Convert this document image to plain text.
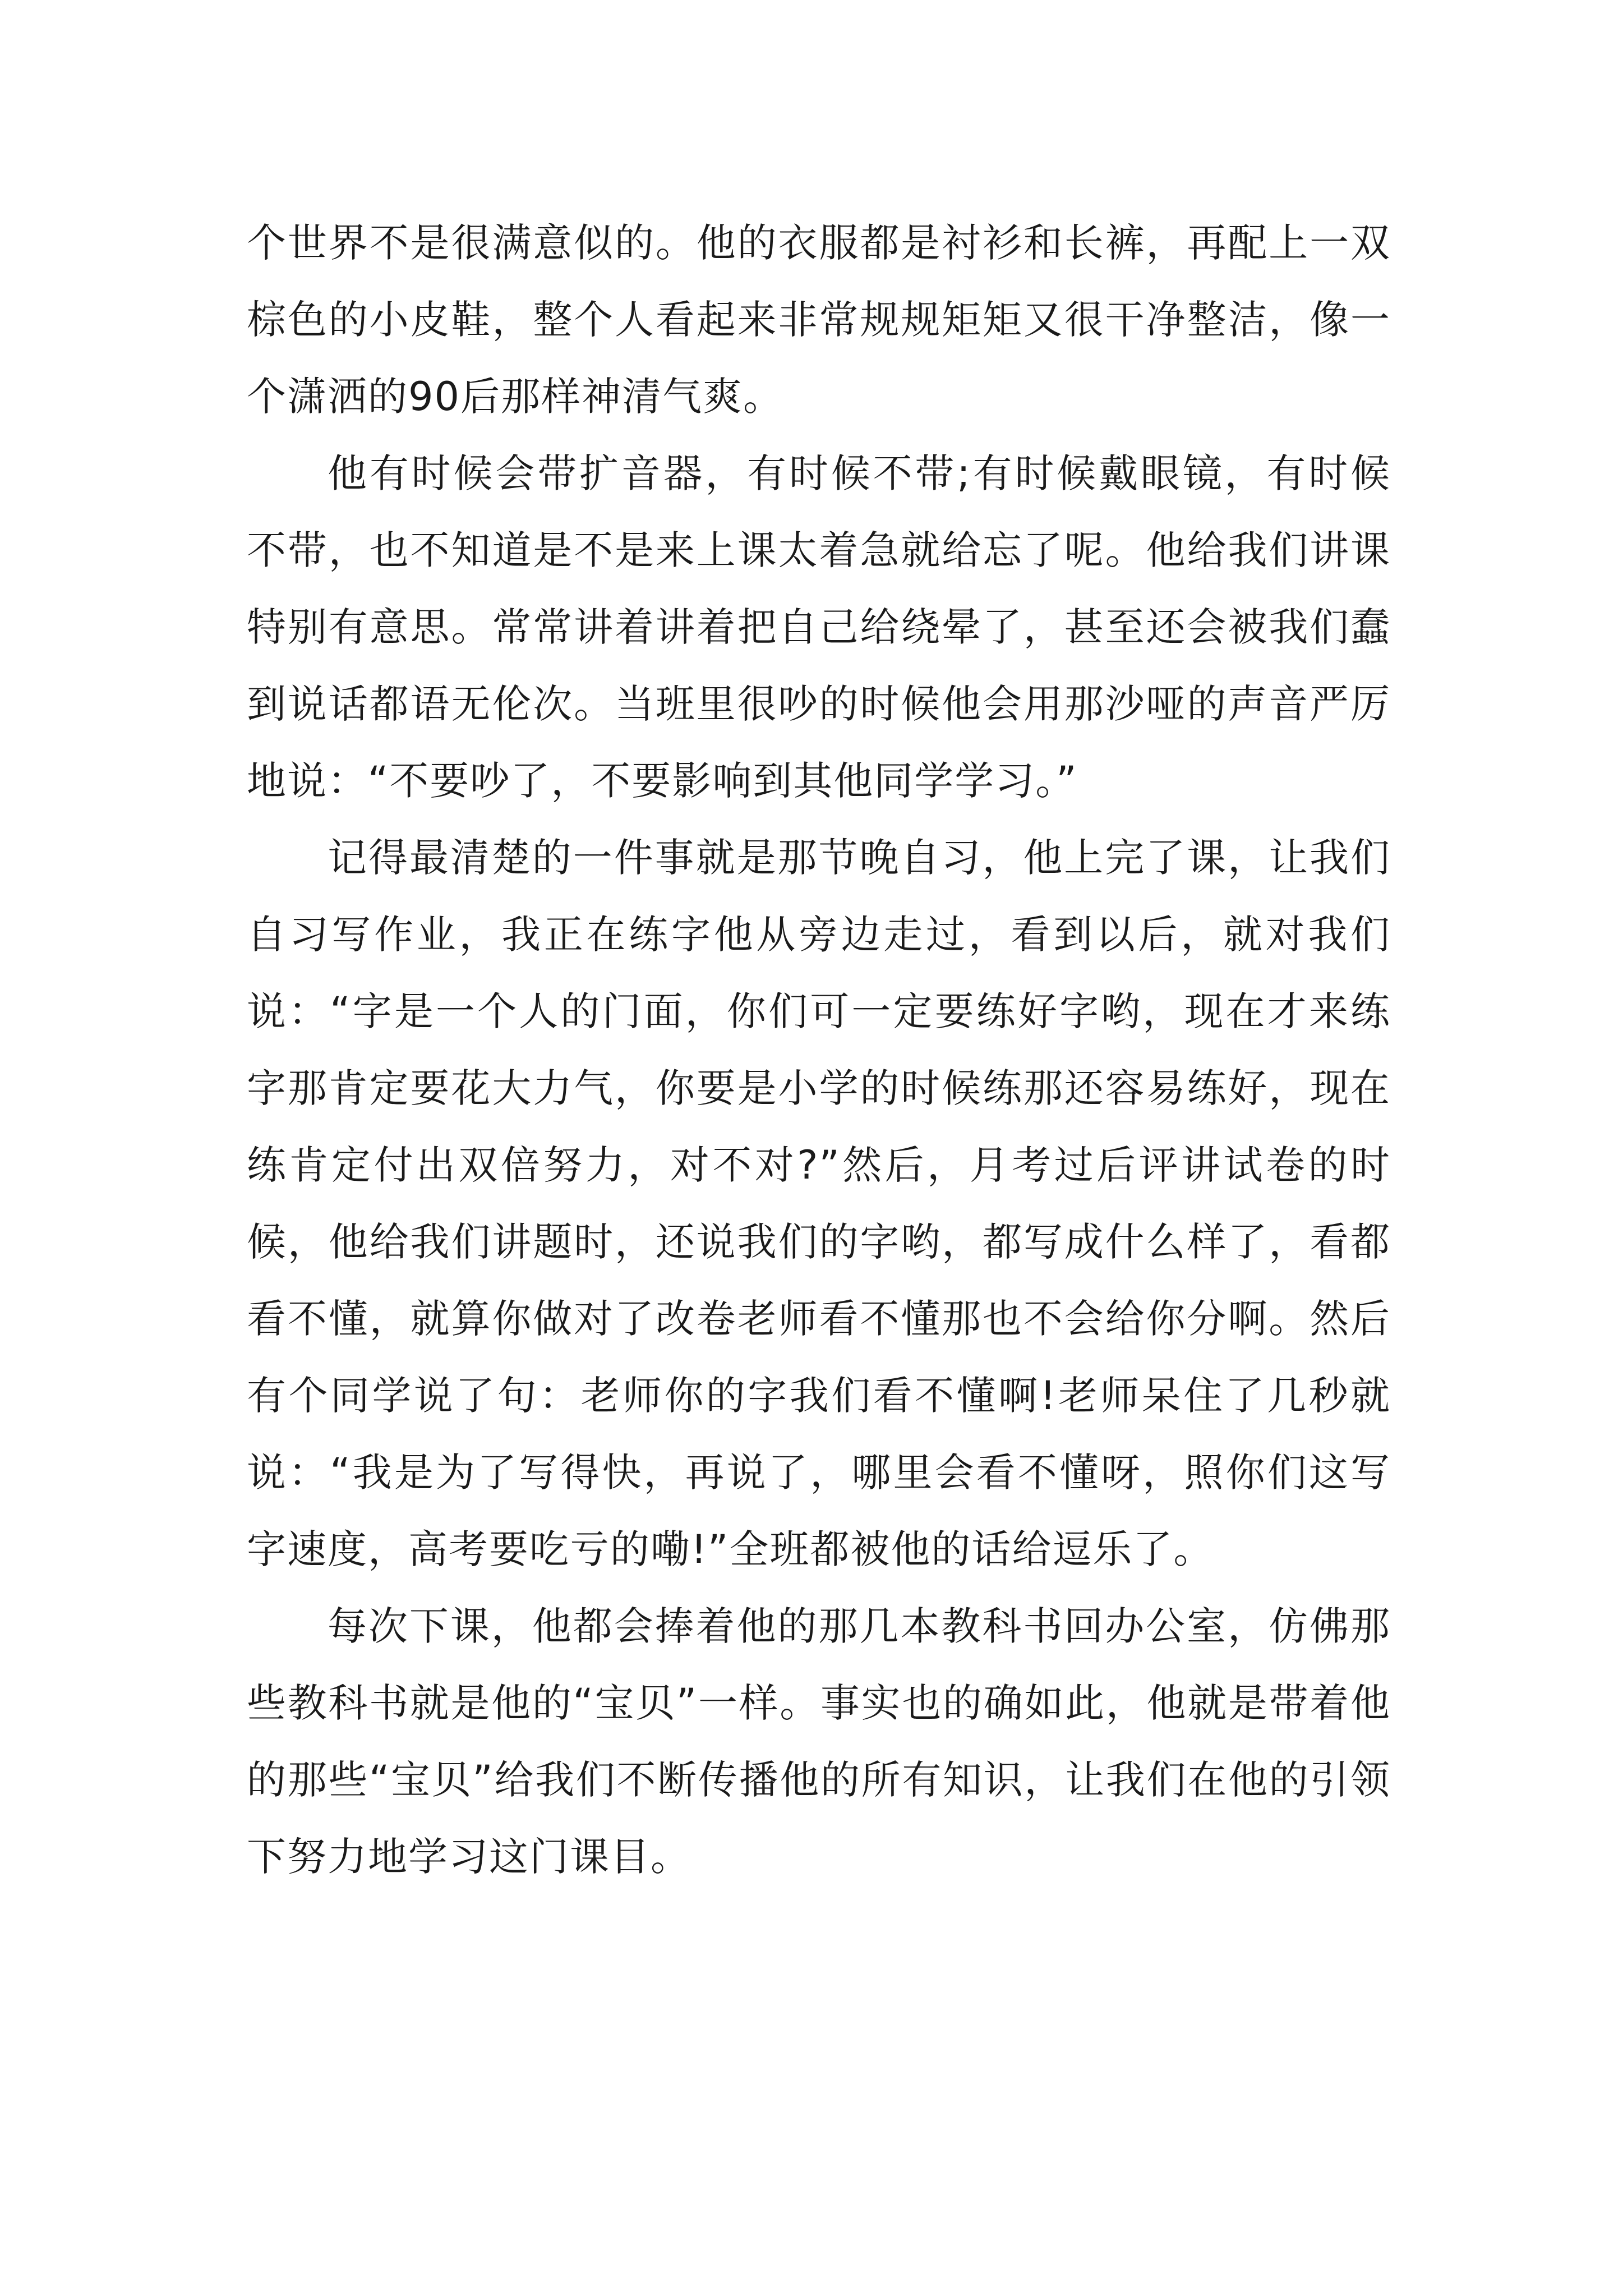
个世界不是很满意似的。他的衣服都是衬衫和长裤，再配上一双棕色的小皮鞋，整个人看起来非常规规矩矩又很干净整洁，像一个潇洒的90后那样神清气爽。

他有时候会带扩音器，有时候不带;有时候戴眼镜，有时候不带，也不知道是不是来上课太着急就给忘了呢。他给我们讲课特别有意思。常常讲着讲着把自己给绕晕了，甚至还会被我们蠢到说话都语无伦次。当班里很吵的时候他会用那沙哑的声音严厉地说：“不要吵了，不要影响到其他同学学习。”

记得最清楚的一件事就是那节晚自习，他上完了课，让我们自习写作业，我正在练字他从旁边走过，看到以后，就对我们说：“字是一个人的门面，你们可一定要练好字哟，现在才来练字那肯定要花大力气，你要是小学的时候练那还容易练好，现在练肯定付出双倍努力，对不对?”然后，月考过后评讲试卷的时候，他给我们讲题时，还说我们的字哟，都写成什么样了，看都看不懂，就算你做对了改卷老师看不懂那也不会给你分啊。然后有个同学说了句：老师你的字我们看不懂啊!老师呆住了几秒就说：“我是为了写得快，再说了，哪里会看不懂呀，照你们这写字速度，高考要吃亏的嘞!”全班都被他的话给逗乐了。

每次下课，他都会捧着他的那几本教科书回办公室，仿佛那些教科书就是他的“宝贝”一样。事实也的确如此，他就是带着他的那些“宝贝”给我们不断传播他的所有知识，让我们在他的引领下努力地学习这门课目。
